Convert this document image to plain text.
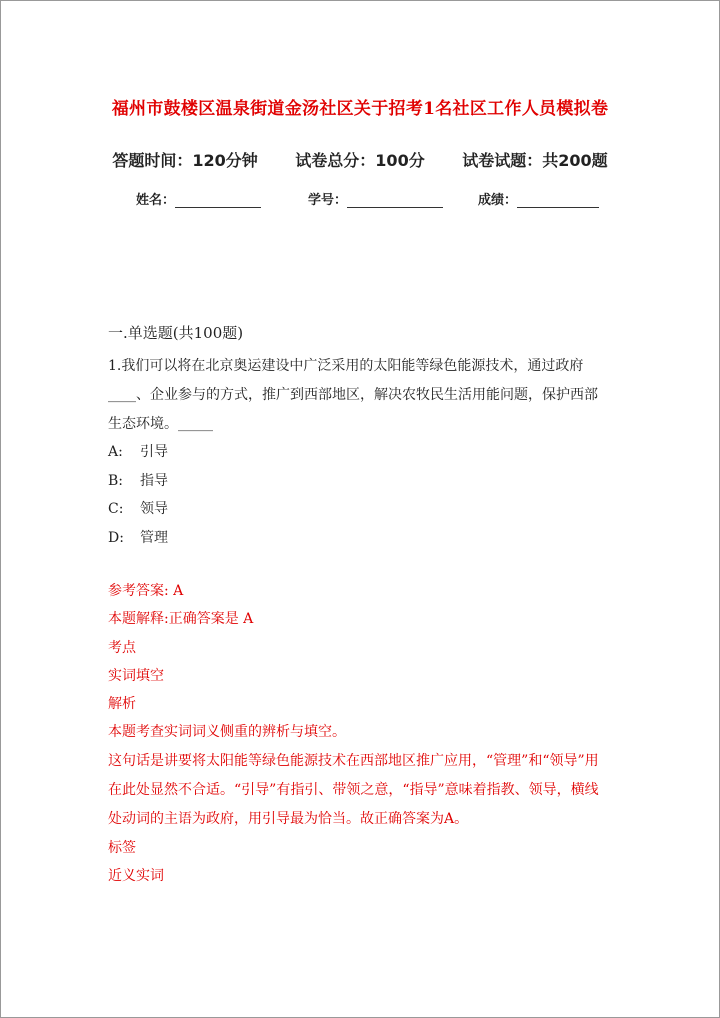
福州市鼓楼区温泉街道金汤社区关于招考1名社区工作人员模拟卷
答题时间：120分钟 试卷总分：100分 试卷试题：共200题
姓名：	学号：	成绩：
一.单选题(共100题)
1.我们可以将在北京奥运建设中广泛采用的太阳能等绿色能源技术，通过政府____、企业参与的方式，推广到西部地区，解决农牧民生活用能问题，保护西部生态环境。_____
A: 引导
B: 指导
C: 领导
D: 管理
参考答案: A
本题解释:正确答案是 A
考点
实词填空
解析
本题考查实词词义侧重的辨析与填空。
这句话是讲要将太阳能等绿色能源技术在西部地区推广应用，“管理”和“领导”用在此处显然不合适。“引导”有指引、带领之意，“指导”意味着指教、领导，横线处动词的主语为政府，用引导最为恰当。故正确答案为A。
标签
近义实词
